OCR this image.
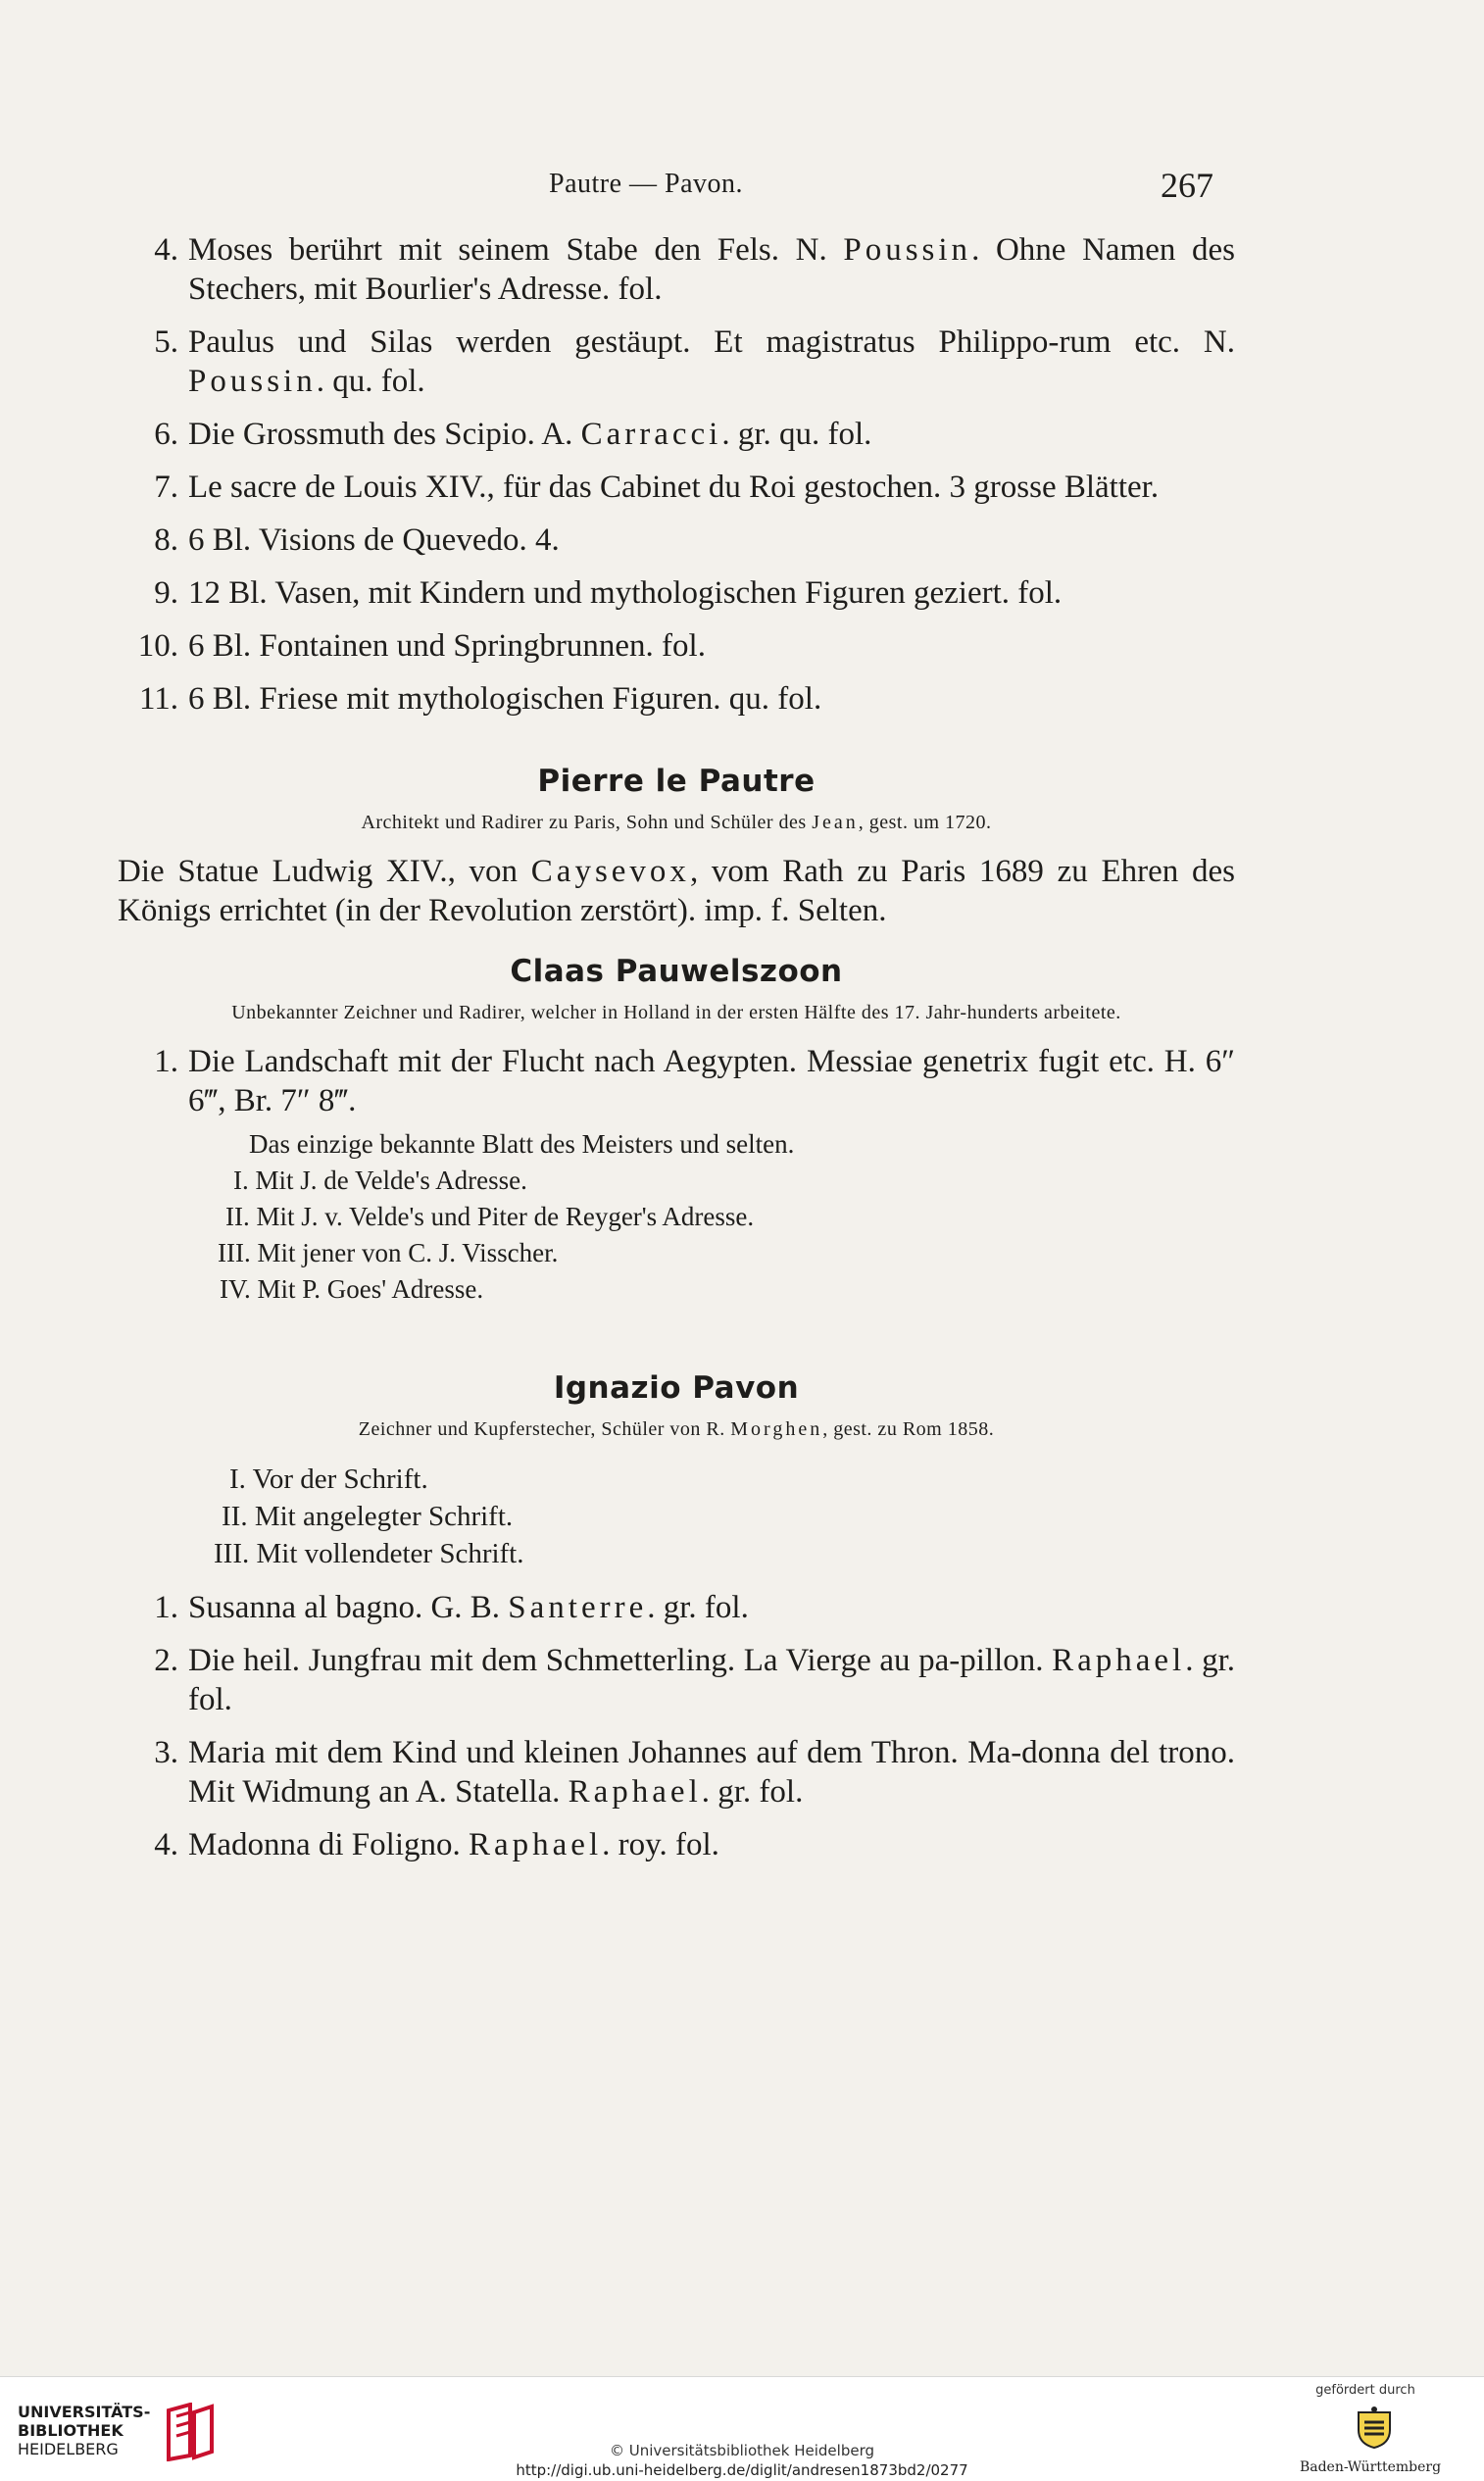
Pautre — Pavon.	267
4. Moses berührt mit seinem Stabe den Fels. N. Poussin. Ohne Namen des Stechers, mit Bourlier's Adresse. fol.
5. Paulus und Silas werden gestäupt. Et magistratus Philippo-rum etc. N. Poussin. qu. fol.
6. Die Grossmuth des Scipio. A. Carracci. gr. qu. fol.
7. Le sacre de Louis XIV., für das Cabinet du Roi gestochen. 3 grosse Blätter.
8. 6 Bl. Visions de Quevedo. 4.
9. 12 Bl. Vasen, mit Kindern und mythologischen Figuren geziert. fol.
10. 6 Bl. Fontainen und Springbrunnen. fol.
11. 6 Bl. Friese mit mythologischen Figuren. qu. fol.
Pierre le Pautre
Architekt und Radirer zu Paris, Sohn und Schüler des Jean, gest. um 1720.
Die Statue Ludwig XIV., von Caysevox, vom Rath zu Paris 1689 zu Ehren des Königs errichtet (in der Revolution zerstört). imp. f. Selten.
Claas Pauwelszoon
Unbekannter Zeichner und Radirer, welcher in Holland in der ersten Hälfte des 17. Jahr-hunderts arbeitete.
1. Die Landschaft mit der Flucht nach Aegypten. Messiae genetrix fugit etc. H. 6″ 6‴, Br. 7″ 8‴.
Das einzige bekannte Blatt des Meisters und selten.
I. Mit J. de Velde's Adresse.
II. Mit J. v. Velde's und Piter de Reyger's Adresse.
III. Mit jener von C. J. Visscher.
IV. Mit P. Goes' Adresse.
Ignazio Pavon
Zeichner und Kupferstecher, Schüler von R. Morghen, gest. zu Rom 1858.
I. Vor der Schrift.
II. Mit angelegter Schrift.
III. Mit vollendeter Schrift.
1. Susanna al bagno. G. B. Santerre. gr. fol.
2. Die heil. Jungfrau mit dem Schmetterling. La Vierge au pa-pillon. Raphael. gr. fol.
3. Maria mit dem Kind und kleinen Johannes auf dem Thron. Ma-donna del trono. Mit Widmung an A. Statella. Raphael. gr. fol.
4. Madonna di Foligno. Raphael. roy. fol.
UNIVERSITÄTS-
BIBLIOTHEK
HEIDELBERG	© Universitätsbibliothek Heidelberg
http://digi.ub.uni-heidelberg.de/diglit/andresen1873bd2/0277
gefördert durch
Baden-Württemberg
